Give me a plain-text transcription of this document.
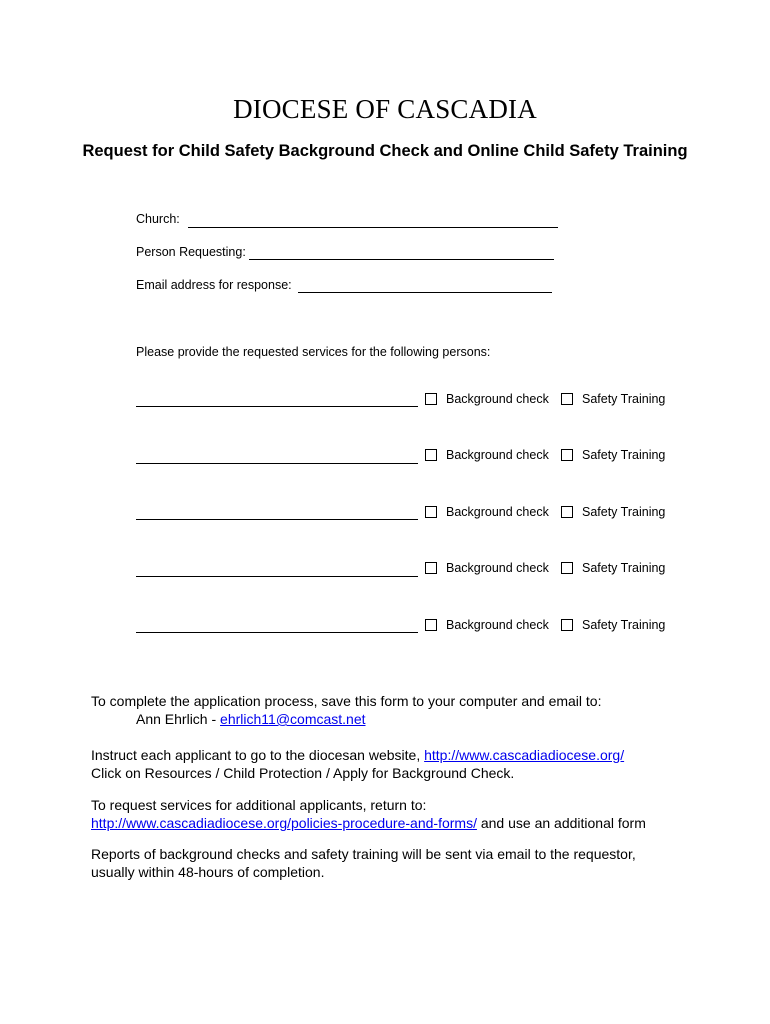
DIOCESE OF CASCADIA
Request for Child Safety Background Check and Online Child Safety Training
Church:
Person Requesting:
Email address for response:
Please provide the requested services for the following persons:
Background check	Safety Training
Background check	Safety Training
Background check	Safety Training
Background check	Safety Training
Background check	Safety Training
To complete the application process, save this form to your computer and email to:
Ann Ehrlich - ehrlich11@comcast.net
Instruct each applicant to go to the diocesan website, http://www.cascadiadiocese.org/
Click on Resources / Child Protection / Apply for Background Check.
To request services for additional applicants, return to:
http://www.cascadiadiocese.org/policies-procedure-and-forms/ and use an additional form
Reports of background checks and safety training will be sent via email to the requestor,
usually within 48-hours of completion.
